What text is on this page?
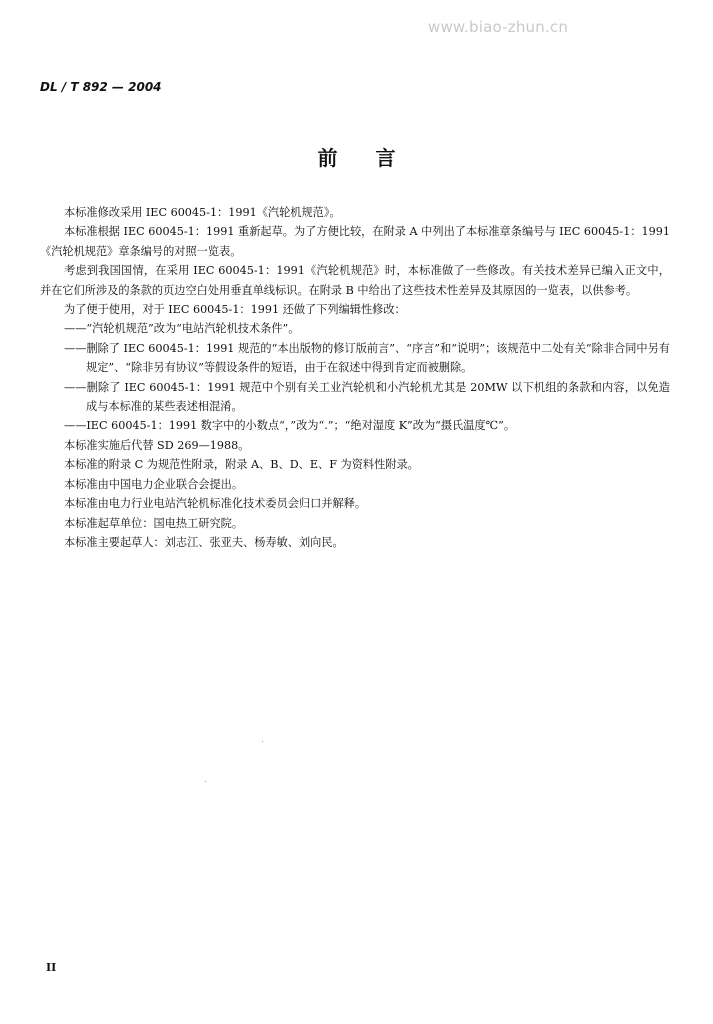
www.biao-zhun.cn
DL / T 892 — 2004
前言

本标准修改采用 IEC 60045-1：1991《汽轮机规范》。

本标准根据 IEC 60045-1：1991 重新起草。为了方便比较，在附录 A 中列出了本标准章条编号与 IEC 60045-1：1991《汽轮机规范》章条编号的对照一览表。

考虑到我国国情，在采用 IEC 60045-1：1991《汽轮机规范》时，本标准做了一些修改。有关技术差异已编入正文中，并在它们所涉及的条款的页边空白处用垂直单线标识。在附录 B 中给出了这些技术性差异及其原因的一览表，以供参考。

为了便于使用，对于 IEC 60045-1：1991 还做了下列编辑性修改：

——“汽轮机规范”改为“电站汽轮机技术条件”。

——删除了 IEC 60045-1：1991 规范的“本出版物的修订版前言”、“序言”和“说明”；该规范中二处有关“除非合同中另有规定”、“除非另有协议”等假设条件的短语，由于在叙述中得到肯定而被删除。

——删除了 IEC 60045-1：1991 规范中个别有关工业汽轮机和小汽轮机尤其是 20MW 以下机组的条款和内容，以免造成与本标准的某些表述相混淆。

——IEC 60045-1：1991 数字中的小数点“，”改为“.”；“绝对湿度 K”改为“摄氏温度℃”。

本标准实施后代替 SD 269—1988。

本标准的附录 C 为规范性附录，附录 A、B、D、E、F 为资料性附录。

本标准由中国电力企业联合会提出。

本标准由电力行业电站汽轮机标准化技术委员会归口并解释。

本标准起草单位：国电热工研究院。

本标准主要起草人：刘志江、张亚夫、杨寿敏、刘向民。

II
